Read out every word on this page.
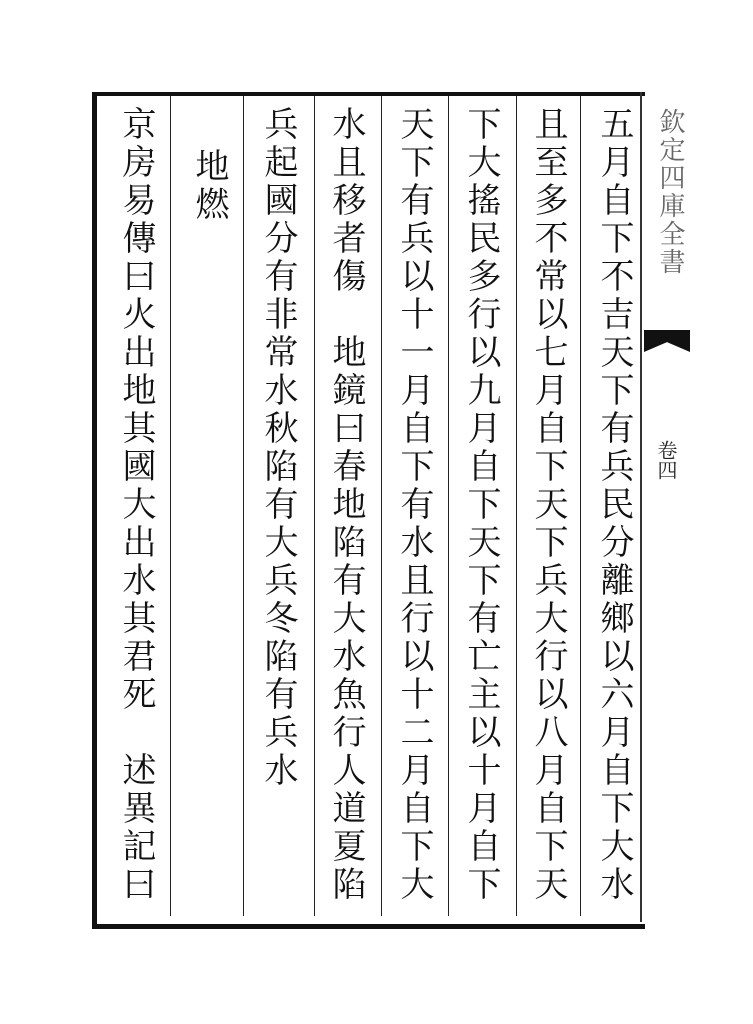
五月自下不吉天下有兵民分離鄉以六月自下大水
且至多不常以七月自下天下兵大行以八月自下天
下大搖民多行以九月自下天下有亡主以十月自下
天下有兵以十一月自下有水且行以十二月自下大
水且移者傷　地鏡曰春地陷有大水魚行人道夏陷
兵起國分有非常水秋陷有大兵冬陷有兵水
　地燃
京房易傳曰火出地其國大出水其君死　述異記曰	欽定四庫全書
卷四
